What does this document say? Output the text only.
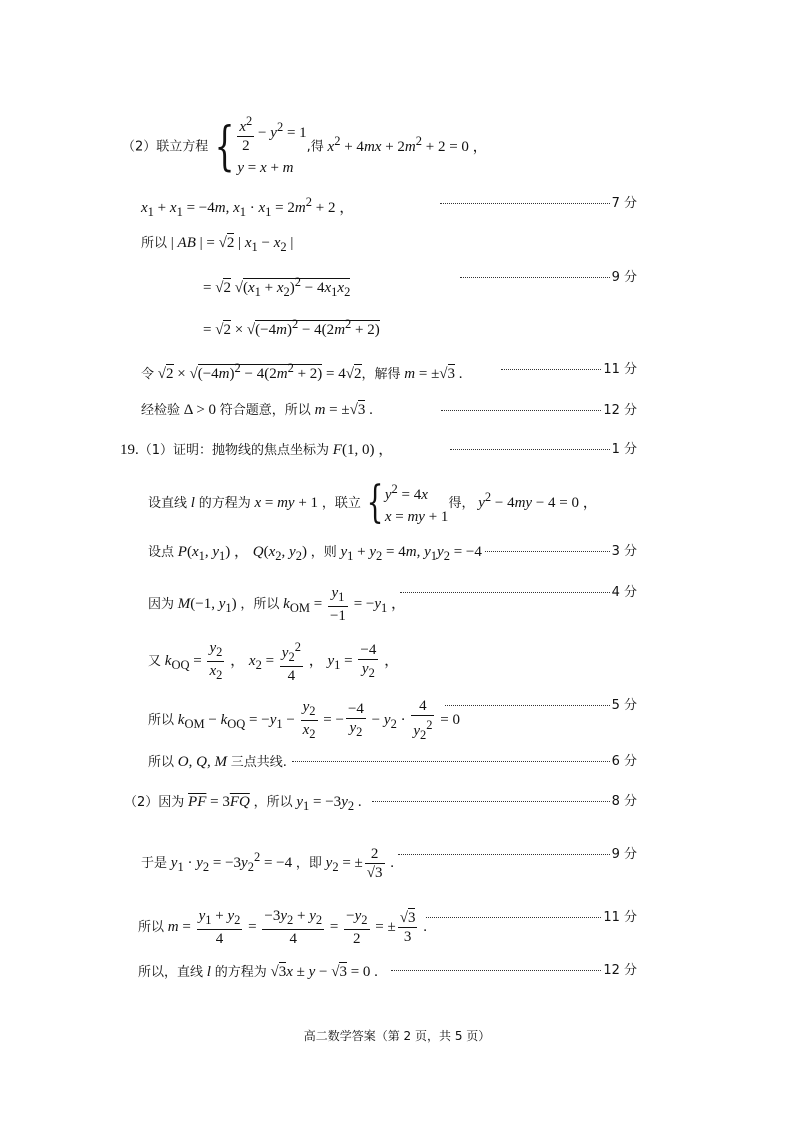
（2）联立方程 { $\frac{x^2}{2} - y^2 = 1$
y = x + m
,得 $x^2 + 4mx + 2m^2 + 2 = 0$ ，
$x_1 + x_1 = -4m$, $x_1 \cdot x_1 = 2m^2 + 2$ ，	7 分
所以 | AB | = √2 | $x_1 - x_2$ |
= √2 $√(x_1 + x_2)^2 - 4x_1x_2$
9 分
= $√2 \times √(-4m)^2 - 4(2m^2 + 2)$
令 $√2 \times √(-4m)^2 - 4(2m^2 + 2) = 4√2$，解得 m = ±√3 .	11 分
经检验 Δ > 0 符合题意，所以 m = ±√3 .	12 分
19.（1）证明：抛物线的焦点坐标为 F(1, 0) ，	1 分
设直线 l 的方程为 x = my + 1 ，联立 { $y^2 = 4x$
x = my + 1
得， $y^2 - 4my - 4 = 0$ ，
设点 $P(x_1$, $y_1$) ， $Q(x_2$, $y_2$) ，则 $y_1 + y_2 = 4m$, $y_1y_2 = -4$	3 分
因为 M(−1, $y_1$) ，所以 $k_{OM} = \frac{y_1}{-1} = -y_1$ ，
4 分
又 $k_{OQ} = \frac{y_2}{x_2}$ ， $x_2 = \frac{y_2^2}{4}$ ， $y_1 = \frac{-4}{y_2}$ ，
所以 $k_{OM} - k_{OQ} = -y_1 - \frac{y_2}{x_2}$ = − $\frac{-4}{y_2} - y_2 \cdot \frac{4}{y_2^2} = 0$
5 分
所以 O, Q, M 三点共线.	6 分
（2）因为 $\overline{PF} = 3\overline{FQ}$ ，所以 $y_1 = -3y_2$ .	8 分
于是 $y_1 \cdot y_2 = -3y_2^2 = -4$ ，即 $y_2$ = ± $\frac{2}{√3}$ .
9 分
所以 $m = \frac{y_1 + y_2}{4} = \frac{-3y_2 + y_2}{4} = \frac{-y_2}{2}$ = ± $\frac{√3}{3}$ .
11 分
所以，直线 l 的方程为 √3x ± y − √3 = 0 .	12 分
高二数学答案（第 2 页，共 5 页）
